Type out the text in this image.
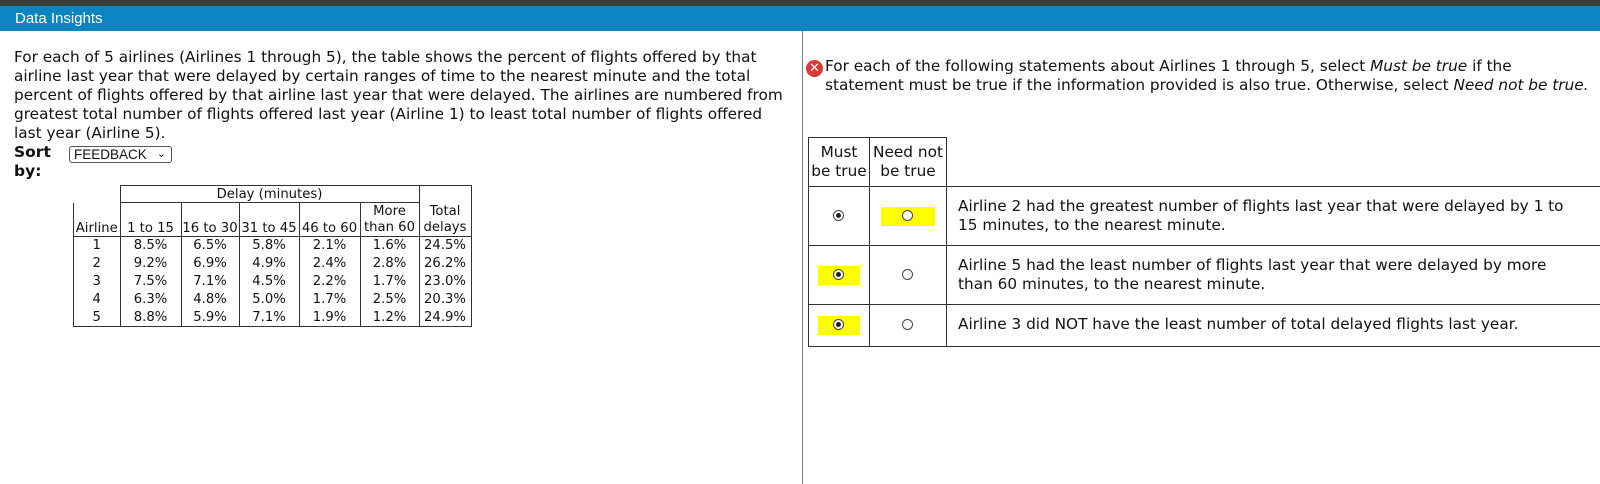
Data Insights

For each of 5 airlines (Airlines 1 through 5), the table shows the percent of flights offered by that airline last year that were delayed by certain ranges of time to the nearest minute and the total percent of flights offered by that airline last year that were delayed. The airlines are numbered from greatest total number of flights offered last year (Airline 1) to least total number of flights offered last year (Airline 5).

Sort by:
FEEDBACK ⌄
	Delay (minutes)					
Airline	1 to 15	16 to 30	31 to 45	46 to 60	More than 60	Total delays
1	8.5%	6.5%	5.8%	2.1%	1.6%	24.5%
2	9.2%	6.9%	4.9%	2.4%	2.8%	26.2%
3	7.5%	7.1%	4.5%	2.2%	1.7%	23.0%
4	6.3%	4.8%	5.0%	1.7%	2.5%	20.3%
5	8.8%	5.9%	7.1%	1.9%	1.2%	24.9%
✕ For each of the following statements about Airlines 1 through 5, select Must be true if the statement must be true if the information provided is also true. Otherwise, select Need not be true.

Must be true
Need not be true
Airline 2 had the greatest number of flights last year that were delayed by 1 to 15 minutes, to the nearest minute.
Airline 5 had the least number of flights last year that were delayed by more than 60 minutes, to the nearest minute.
Airline 3 did NOT have the least number of total delayed flights last year.
